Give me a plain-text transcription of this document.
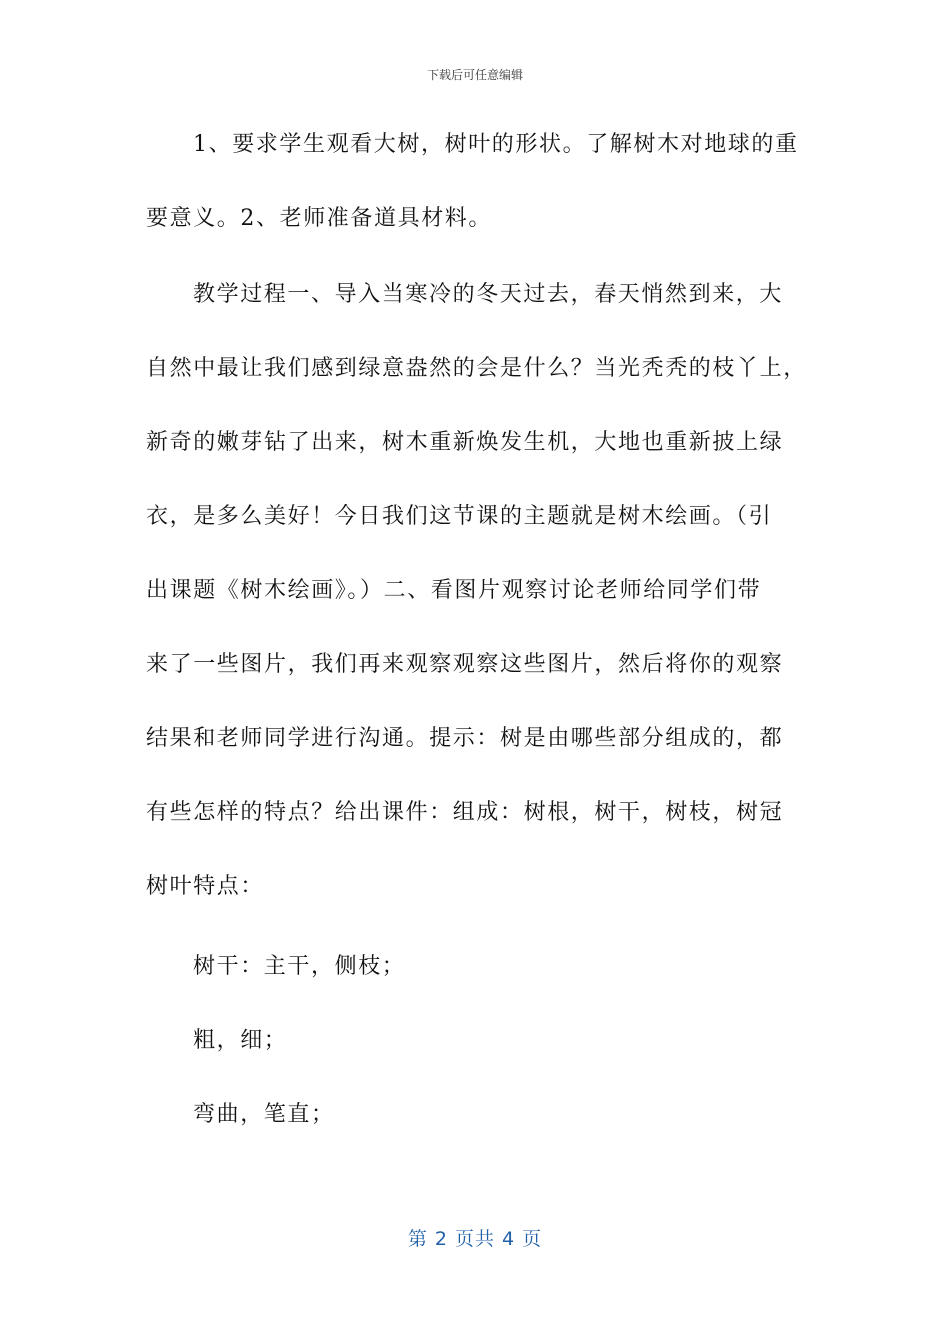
下载后可任意编辑
1、要求学生观看大树，树叶的形状。了解树木对地球的重
要意义。2、老师准备道具材料。
教学过程一、导入当寒冷的冬天过去，春天悄然到来，大
自然中最让我们感到绿意盎然的会是什么？当光秃秃的枝丫上，
新奇的嫩芽钻了出来，树木重新焕发生机，大地也重新披上绿
衣，是多么美好！今日我们这节课的主题就是树木绘画。（引
出课题《树木绘画》。）二、看图片观察讨论老师给同学们带
来了一些图片，我们再来观察观察这些图片，然后将你的观察
结果和老师同学进行沟通。提示：树是由哪些部分组成的，都
有些怎样的特点？给出课件：组成：树根，树干，树枝，树冠
树叶特点：
树干：主干，侧枝；
粗，细；
弯曲，笔直；
第 2 页共 4 页
